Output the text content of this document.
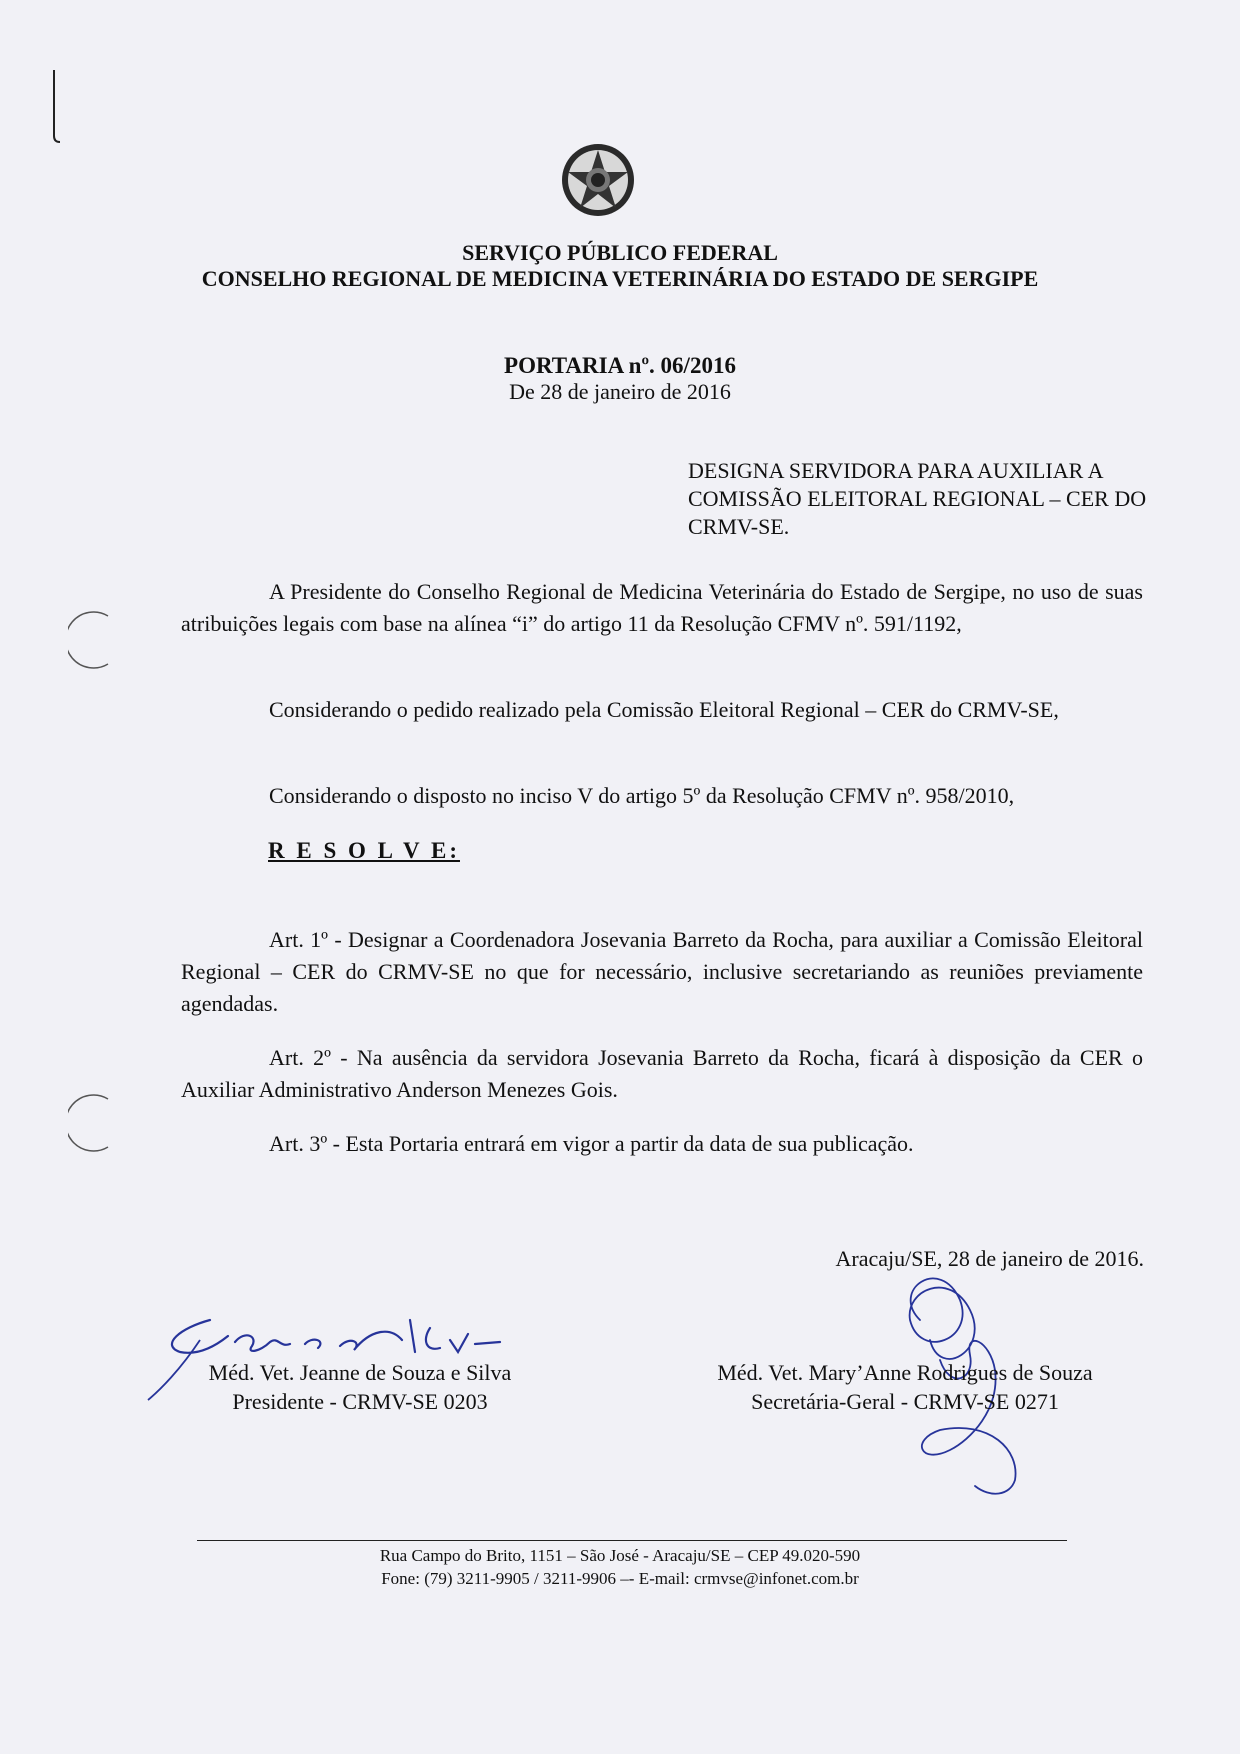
SERVIÇO PÚBLICO FEDERAL
CONSELHO REGIONAL DE MEDICINA VETERINÁRIA DO ESTADO DE SERGIPE
PORTARIA nº. 06/2016
De 28 de janeiro de 2016
DESIGNA SERVIDORA PARA AUXILIAR A COMISSÃO ELEITORAL REGIONAL – CER DO CRMV-SE.
A Presidente do Conselho Regional de Medicina Veterinária do Estado de Sergipe, no uso de suas atribuições legais com base na alínea “i” do artigo 11 da Resolução CFMV nº. 591/1192,
Considerando o pedido realizado pela Comissão Eleitoral Regional – CER do CRMV-SE,
Considerando o disposto no inciso V do artigo 5º da Resolução CFMV nº. 958/2010,
R E S O L V E:
Art. 1º - Designar a Coordenadora Josevania Barreto da Rocha, para auxiliar a Comissão Eleitoral Regional – CER do CRMV-SE no que for necessário, inclusive secretariando as reuniões previamente agendadas.
Art. 2º - Na ausência da servidora Josevania Barreto da Rocha, ficará à disposição da CER o Auxiliar Administrativo Anderson Menezes Gois.
Art. 3º - Esta Portaria entrará em vigor a partir da data de sua publicação.
Aracaju/SE, 28 de janeiro de 2016.
Méd. Vet. Jeanne de Souza e Silva
Presidente - CRMV-SE 0203
Méd. Vet. Mary’Anne Rodrigues de Souza
Secretária-Geral - CRMV-SE 0271
Rua Campo do Brito, 1151 – São José - Aracaju/SE – CEP 49.020-590
Fone: (79) 3211-9905 / 3211-9906 –- E-mail: crmvse@infonet.com.br
